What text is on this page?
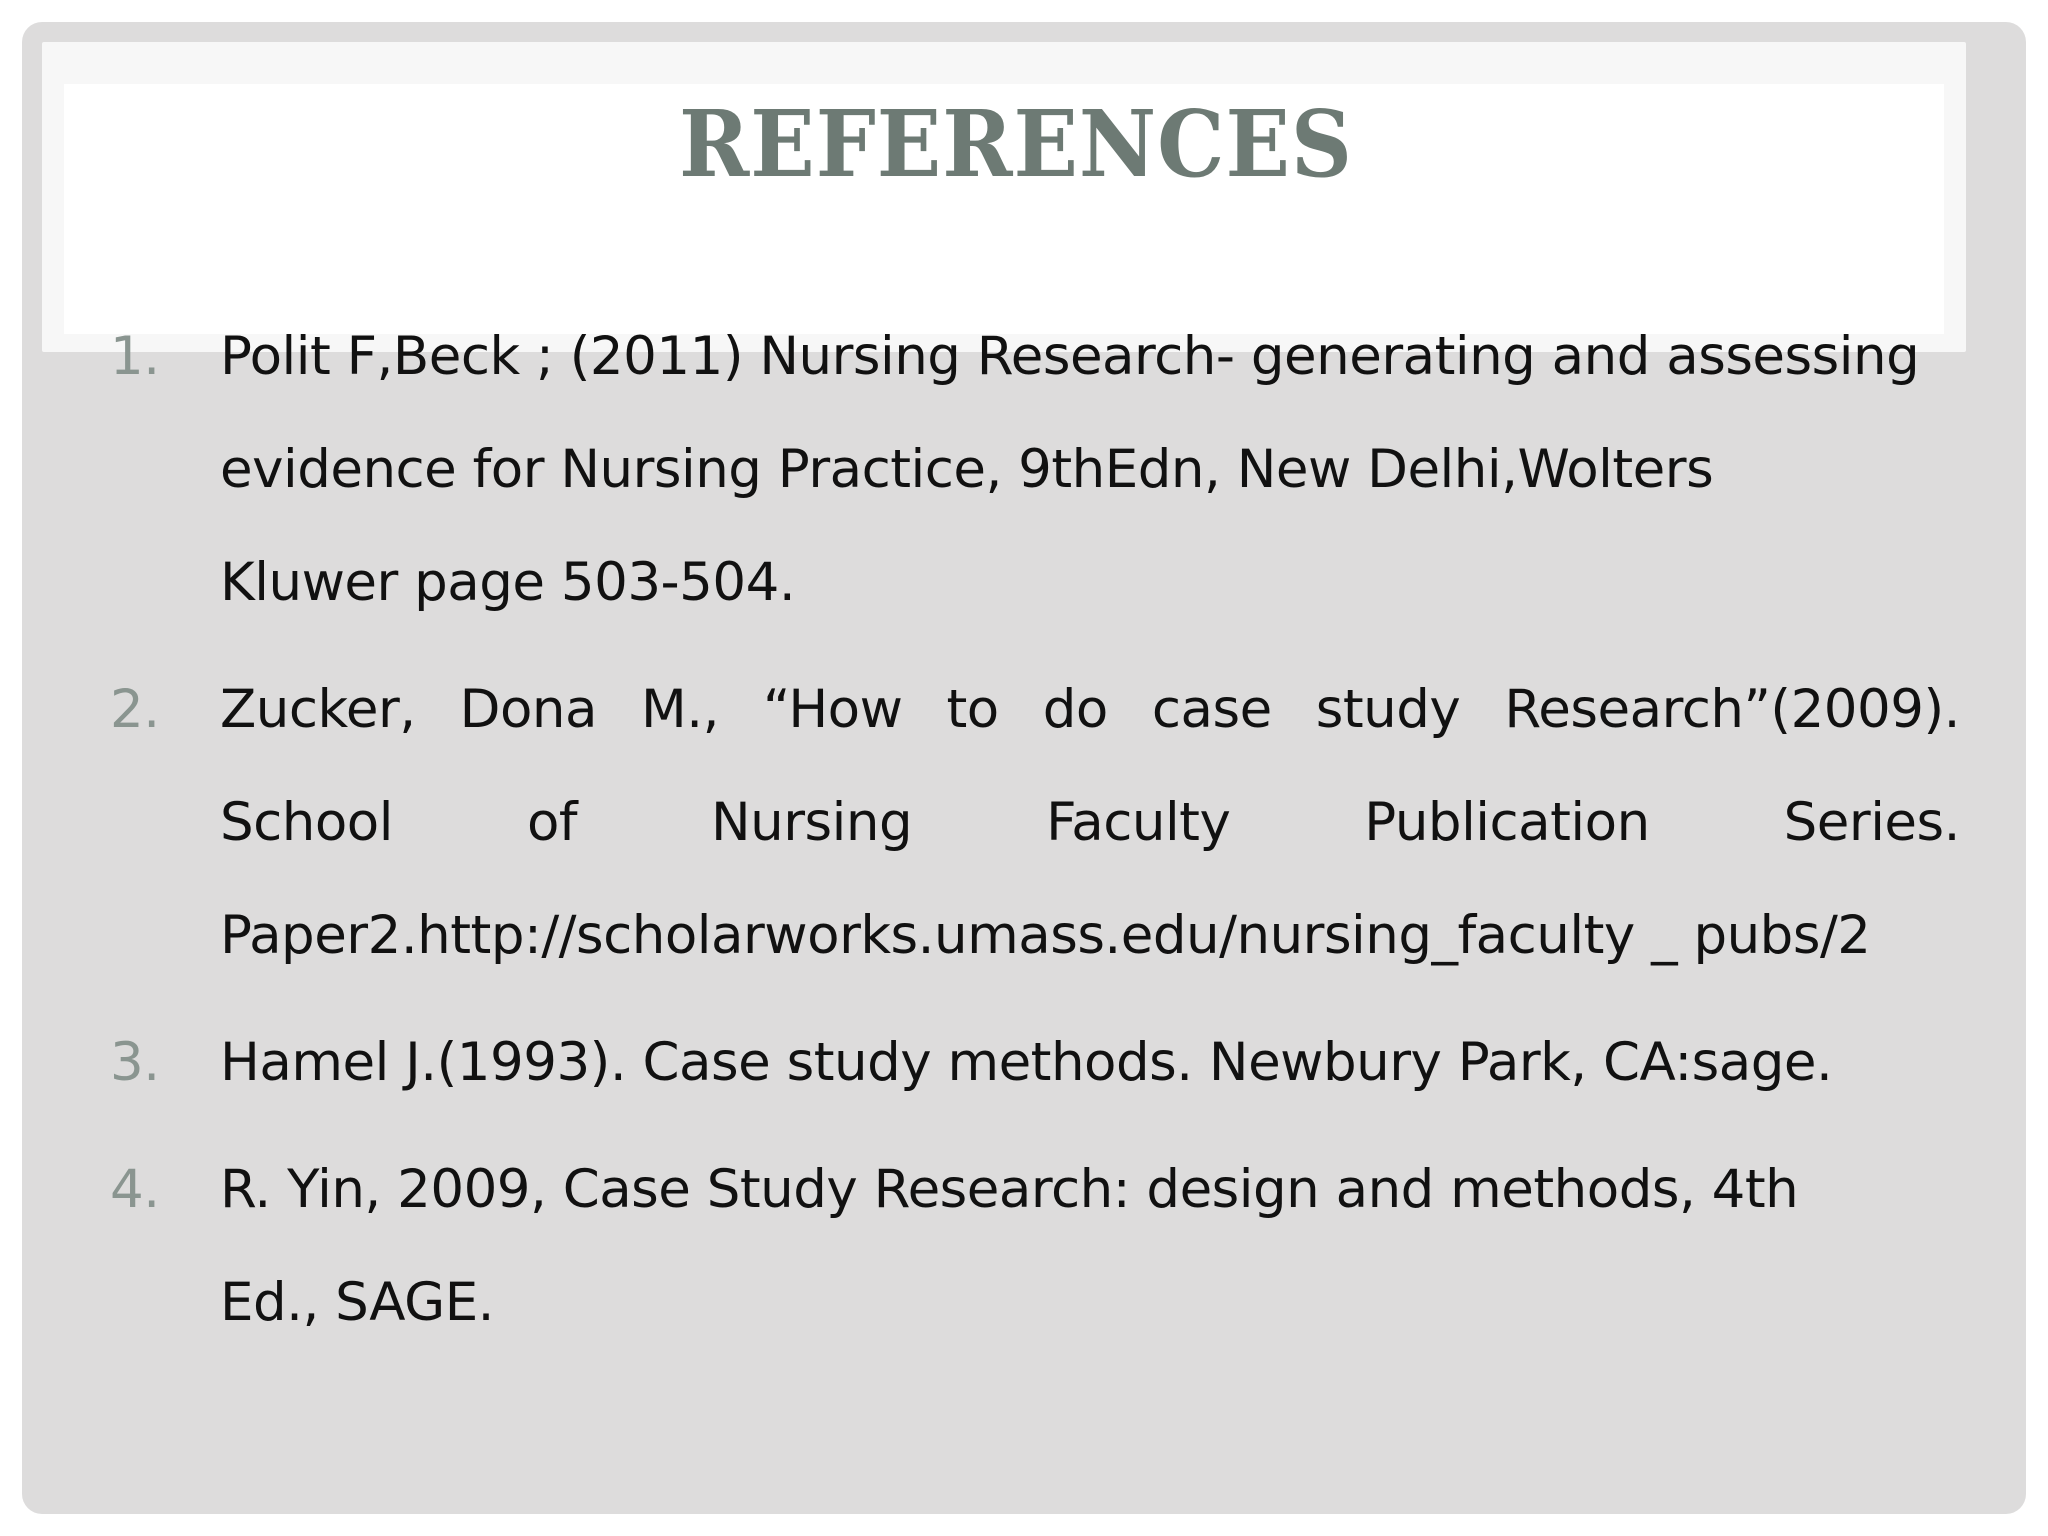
REFERENCES
1. Polit F,Beck ; (2011) Nursing Research- generating and assessing
evidence for Nursing Practice, 9thEdn, New Delhi,Wolters
Kluwer page 503-504.
2. Zucker, Dona M., “How to do case study Research”(2009).
School of Nursing Faculty Publication Series.
Paper2.http://scholarworks.umass.edu/nursing_faculty _ pubs/2
3. Hamel J.(1993). Case study methods. Newbury Park, CA:sage.
4. R. Yin, 2009, Case Study Research: design and methods, 4th
Ed., SAGE.
